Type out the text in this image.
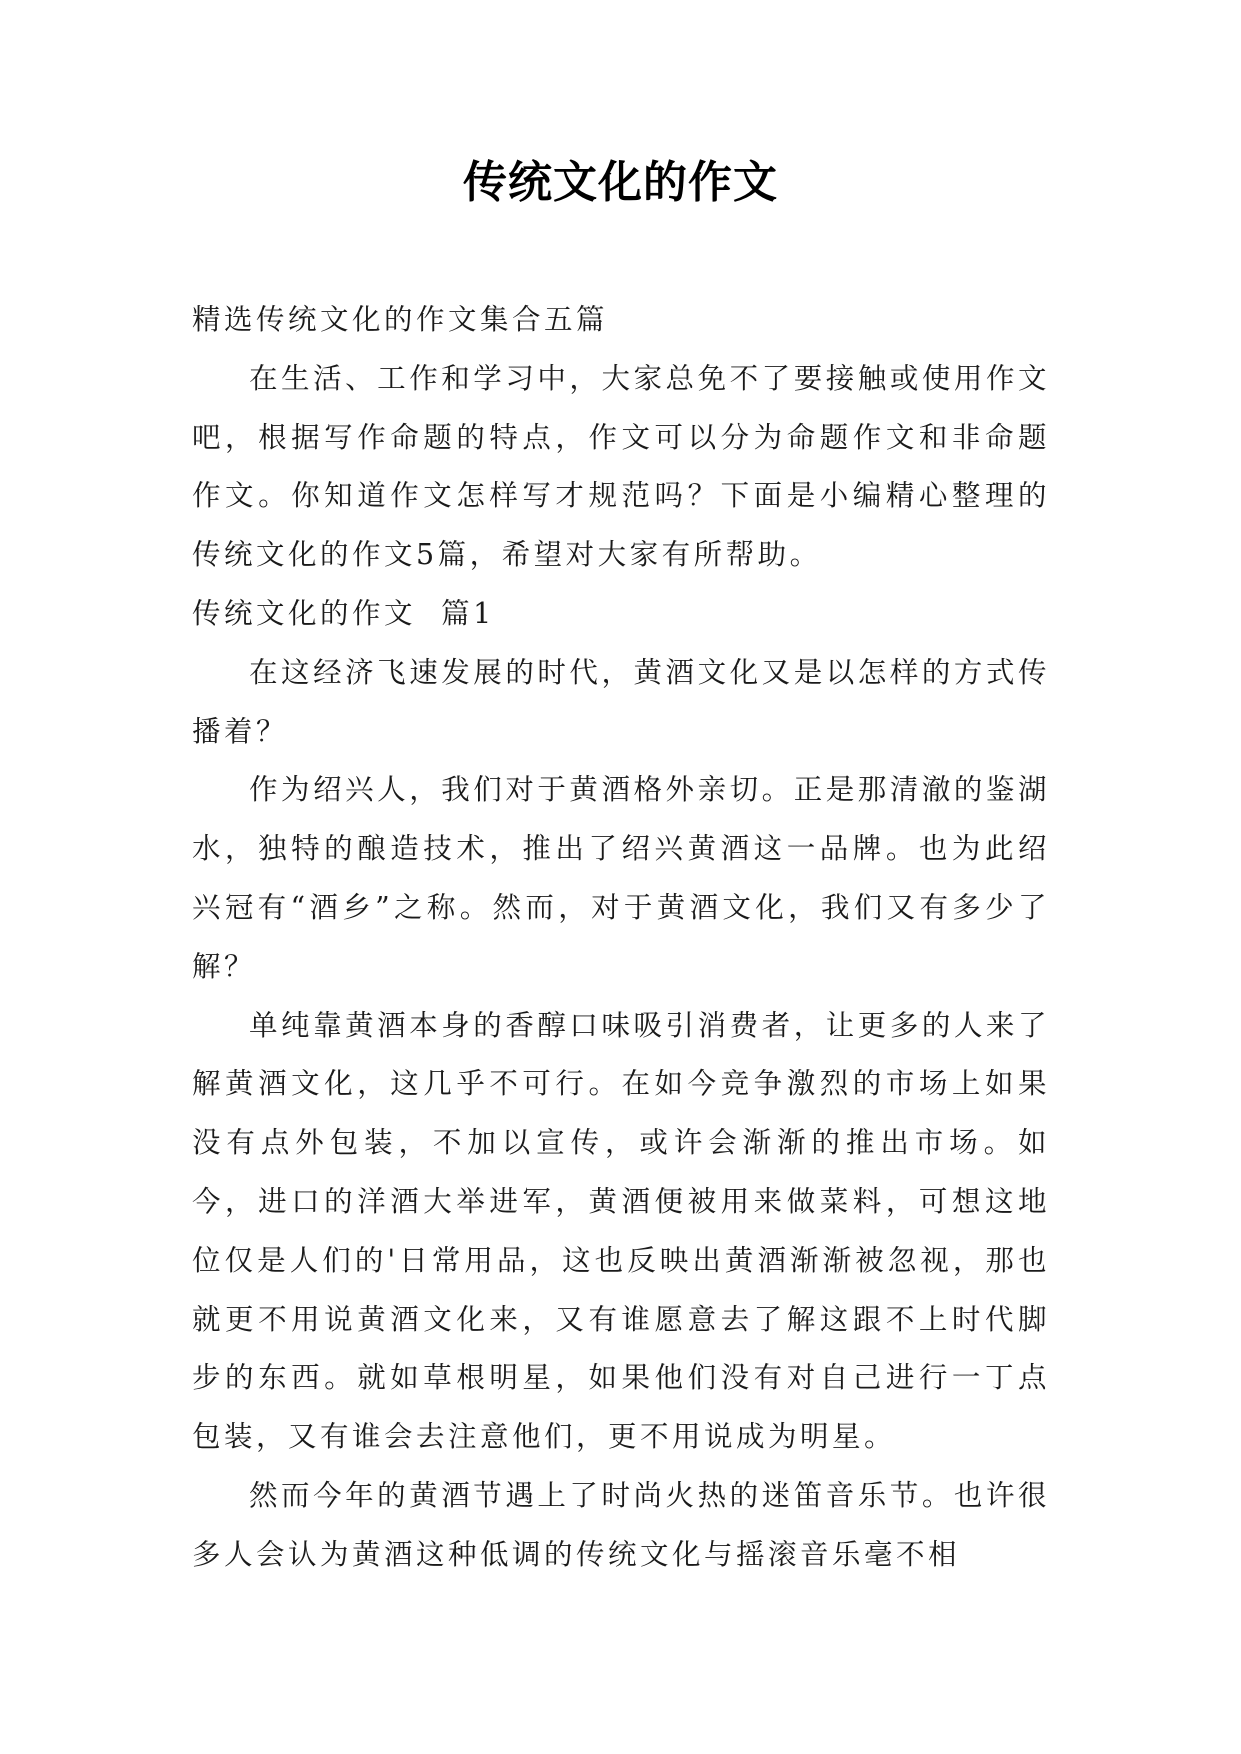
传统文化的作文

精选传统文化的作文集合五篇

在生活、工作和学习中，大家总免不了要接触或使用作文吧，根据写作命题的特点，作文可以分为命题作文和非命题作文。你知道作文怎样写才规范吗？下面是小编精心整理的传统文化的作文5篇，希望对大家有所帮助。

传统文化的作文  篇1

在这经济飞速发展的时代，黄酒文化又是以怎样的方式传播着？

作为绍兴人，我们对于黄酒格外亲切。正是那清澈的鉴湖水，独特的酿造技术，推出了绍兴黄酒这一品牌。也为此绍兴冠有“酒乡”之称。然而，对于黄酒文化，我们又有多少了解？

单纯靠黄酒本身的香醇口味吸引消费者，让更多的人来了解黄酒文化，这几乎不可行。在如今竞争激烈的市场上如果没有点外包装，不加以宣传，或许会渐渐的推出市场。如今，进口的洋酒大举进军，黄酒便被用来做菜料，可想这地位仅是人们的'日常用品，这也反映出黄酒渐渐被忽视，那也就更不用说黄酒文化来，又有谁愿意去了解这跟不上时代脚步的东西。就如草根明星，如果他们没有对自己进行一丁点包装，又有谁会去注意他们，更不用说成为明星。

然而今年的黄酒节遇上了时尚火热的迷笛音乐节。也许很多人会认为黄酒这种低调的传统文化与摇滚音乐毫不相
